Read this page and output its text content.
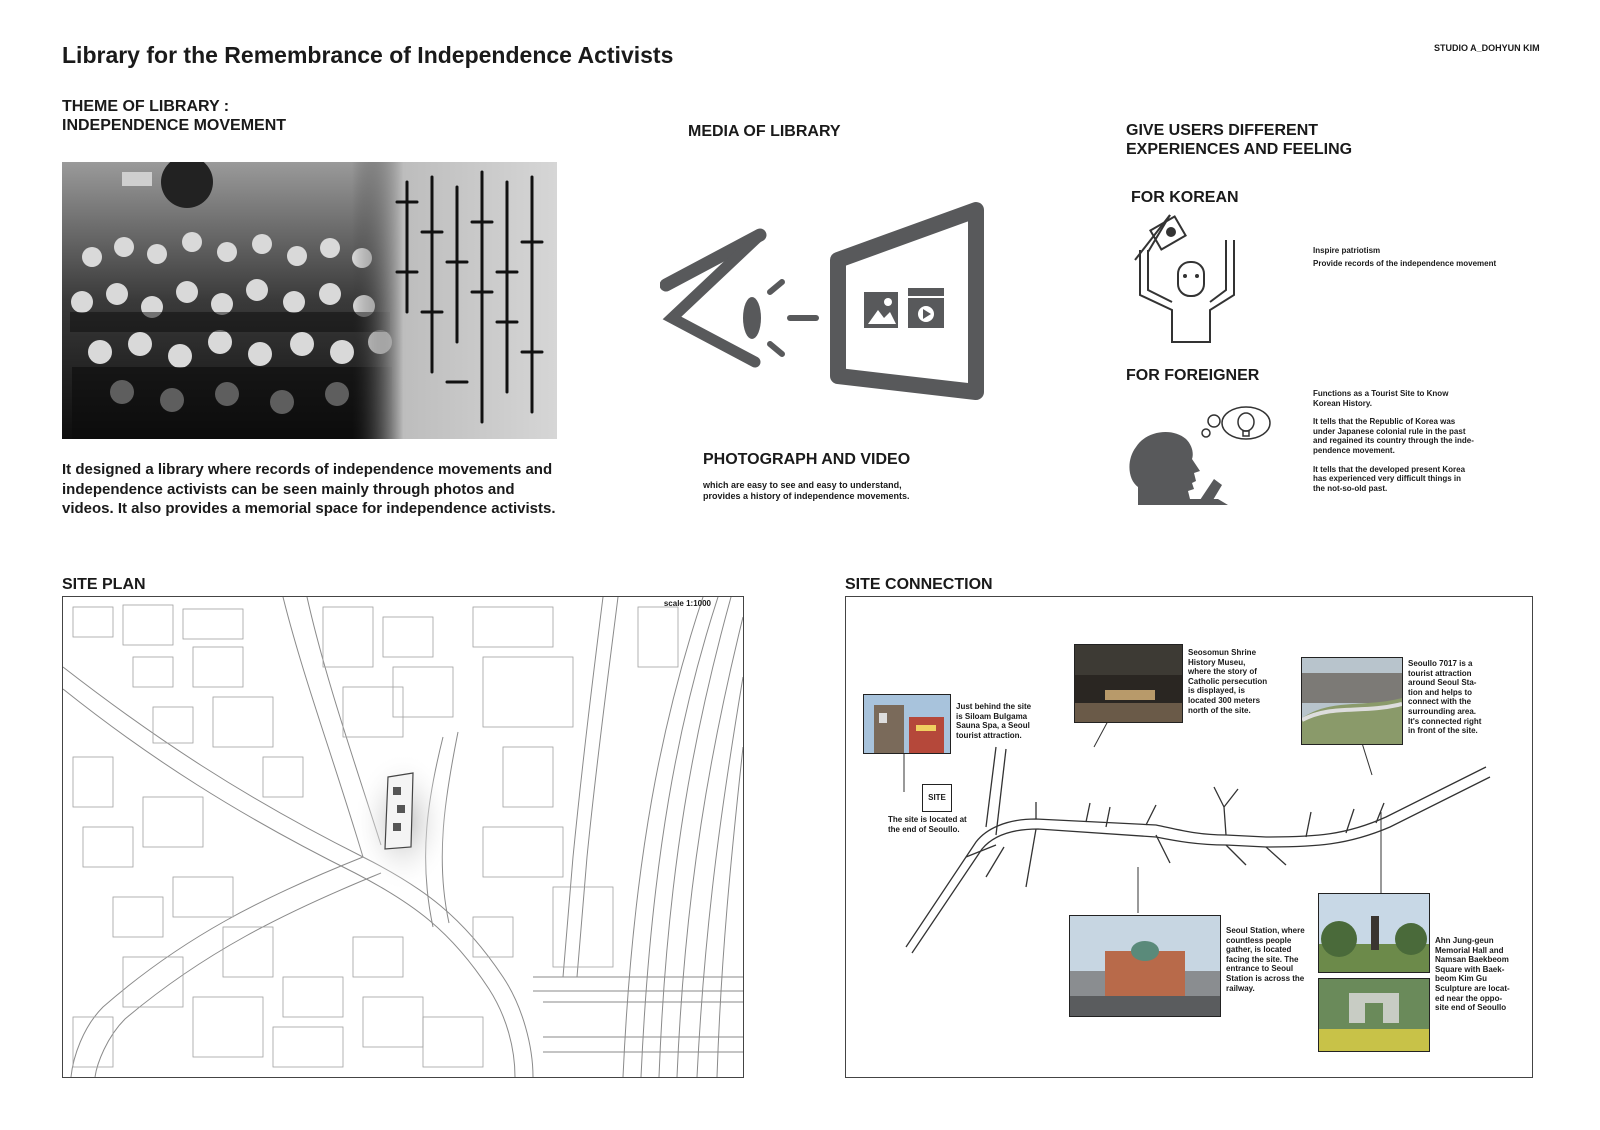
Library for the Remembrance of Independence Activists	STUDIO A_DOHYUN KIM
THEME OF LIBRARY :
INDEPENDENCE MOVEMENT
It designed a library where records of independence movements and independence activists can be seen mainly through photos and videos. It also provides a memorial space for independence activists.
MEDIA OF LIBRARY
PHOTOGRAPH AND VIDEO
which are easy to see and easy to understand,
provides a history of independence movements.
GIVE USERS DIFFERENT
EXPERIENCES AND FEELING
FOR KOREAN
Inspire patriotism
Provide records of the independence movement
FOR FOREIGNER
Functions as a Tourist Site to Know
Korean History.
It tells that the Republic of Korea was
under Japanese colonial rule in the past
and regained its country through the inde-
pendence movement.
It tells that the developed present Korea
has experienced very difficult things in
the not-so-old past.
SITE PLAN
scale 1:1000
SITE CONNECTION
Just behind the site
is Siloam Bulgama
Sauna Spa, a Seoul
tourist attraction.
SITE
The site is located at
the end of Seoullo.
Seosomun Shrine
History Museu,
where the story of
Catholic persecution
is displayed, is
located 300 meters
north of the site.
Seoullo 7017 is a
tourist attraction
around Seoul Sta-
tion and helps to
connect with the
surrounding area.
It's connected right
in front of the site.
Seoul Station, where
countless people
gather, is located
facing the site. The
entrance to Seoul
Station is across the
railway.
Ahn Jung-geun
Memorial Hall and
Namsan Baekbeom
Square with Baek-
beom Kim Gu
Sculpture are locat-
ed near the oppo-
site end of Seoullo
